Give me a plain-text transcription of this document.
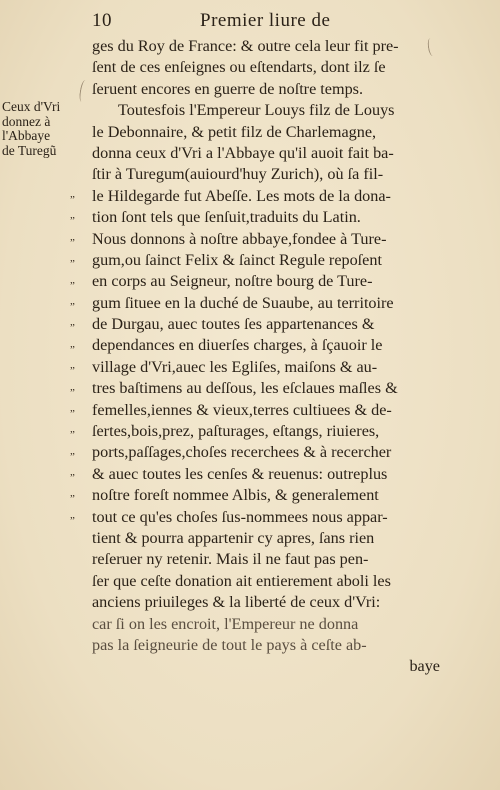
10	Premier liure de
Ceux d'Vri
donnez à
l'Abbaye
de Turegũ
„
„
„
„
„
„
„
„
„
„
„
„
„
„
„
„
ges du Roy de France: & outre cela leur fit pre-
ſent de ces enſeignes ou eſtendarts, dont ilz ſe
ſeruent encores en guerre de noſtre temps.
Toutesfois l'Empereur Louys filz de Louys
le Debonnaire, & petit filz de Charlemagne,
donna ceux d'Vri a l'Abbaye qu'il auoit fait ba-
ſtir à Turegum(auiourd'huy Zurich), où ſa fil-
le Hildegarde fut Abeſſe. Les mots de la dona-
tion ſont tels que ſenſuit,traduits du Latin.
Nous donnons à noſtre abbaye,fondee à Ture-
gum,ou ſainct Felix & ſainct Regule repoſent
en corps au Seigneur, noſtre bourg de Ture-
gum ſituee en la duché de Suaube, au territoire
de Durgau, auec toutes ſes appartenances &
dependances en diuerſes charges, à ſçauoir le
village d'Vri,auec les Egliſes, maiſons & au-
tres baſtimens au deſſous, les eſclaues maſles &
femelles,iennes & vieux,terres cultiuees & de-
ſertes,bois,prez, paſturages, eſtangs, riuieres,
ports,paſſages,choſes recerchees & à recercher
& auec toutes les cenſes & reuenus: outreplus
noſtre foreſt nommee Albis, & generalement
tout ce qu'es choſes ſus-nommees nous appar-
tient & pourra appartenir cy apres, ſans rien
reſeruer ny retenir. Mais il ne faut pas pen-
ſer que ceſte donation ait entierement aboli les
anciens priuileges & la liberté de ceux d'Vri:
car ſi on les encroit, l'Empereur ne donna
pas la ſeigneurie de tout le pays à ceſte ab-
baye
